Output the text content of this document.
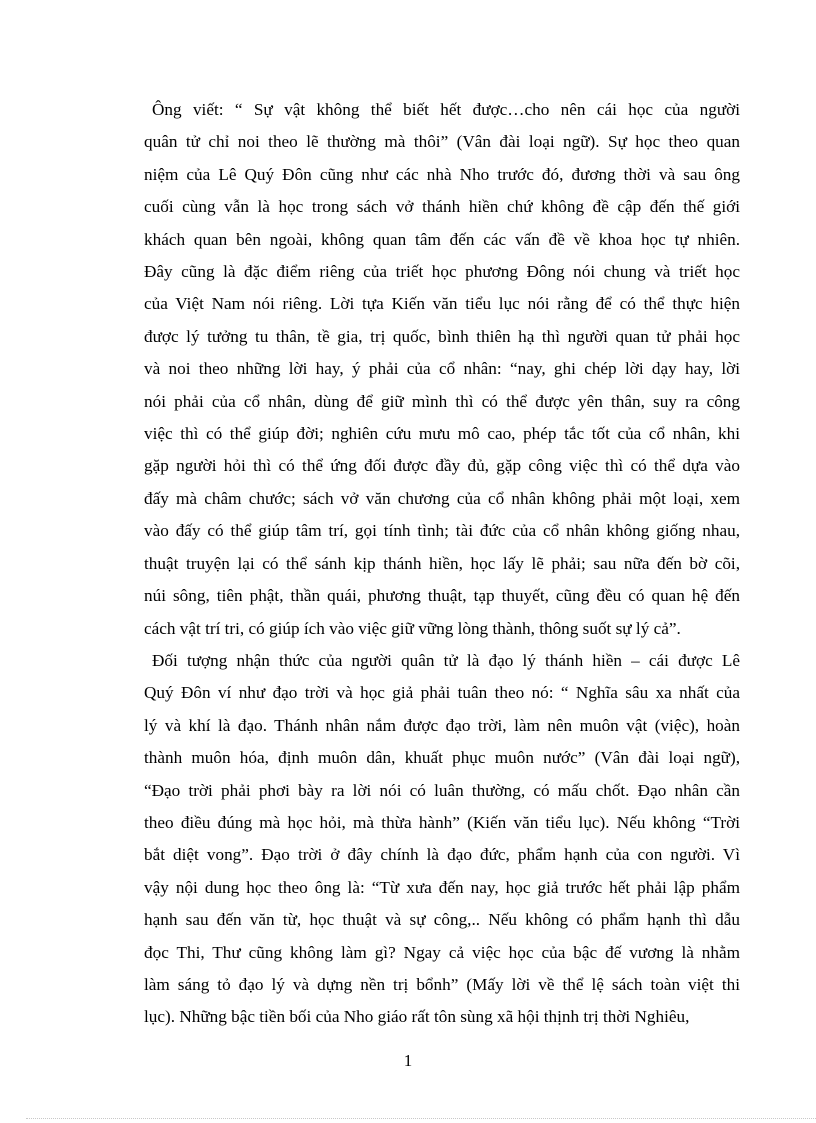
Ông viết: “ Sự vật không thể biết hết được…cho nên cái học của người
quân tử chỉ noi theo lẽ thường mà thôi” (Vân đài loại ngữ). Sự học theo quan
niệm của Lê Quý Đôn cũng như các nhà Nho trước đó, đương thời và sau ông
cuối cùng vẫn là học trong sách vở thánh hiền chứ không đề cập đến thế giới
khách quan bên ngoài, không quan tâm đến các vấn đề về khoa học tự nhiên.
Đây cũng là đặc điểm riêng của triết học phương Đông nói chung và triết học
của Việt Nam nói riêng. Lời tựa Kiến văn tiểu lục nói rằng để có thể thực hiện
được lý tưởng tu thân, tề gia, trị quốc, bình thiên hạ thì người quan tử phải học
và noi theo những lời hay, ý phải của cổ nhân: “nay, ghi chép lời dạy hay, lời
nói phải của cổ nhân, dùng để giữ mình thì có thể được yên thân, suy ra công
việc thì có thể giúp đời; nghiên cứu mưu mô cao, phép tắc tốt của cổ nhân, khi
gặp người hỏi thì có thể ứng đối được đầy đủ, gặp công việc thì có thể dựa vào
đấy mà châm chước; sách vở văn chương của cổ nhân không phải một loại, xem
vào đấy có thể giúp tâm trí, gọi tính tình; tài đức của cổ nhân không giống nhau,
thuật truyện lại có thể sánh kịp thánh hiền, học lấy lẽ phải; sau nữa đến bờ cõi,
núi sông, tiên phật, thần quái, phương thuật, tạp thuyết, cũng đều có quan hệ đến
cách vật trí tri, có giúp ích vào việc giữ vững lòng thành, thông suốt sự lý cả”.

Đối tượng nhận thức của người quân tử là đạo lý thánh hiền – cái được Lê
Quý Đôn ví như đạo trời và học giả phải tuân theo nó: “ Nghĩa sâu xa nhất của
lý và khí là đạo. Thánh nhân nắm được đạo trời, làm nên muôn vật (việc), hoàn
thành muôn hóa, định muôn dân, khuất phục muôn nước” (Vân đài loại ngữ),
“Đạo trời phải phơi bày ra lời nói có luân thường, có mấu chốt. Đạo nhân cần
theo điều đúng mà học hỏi, mà thừa hành” (Kiến văn tiểu lục). Nếu không “Trời
bắt diệt vong”. Đạo trời ở đây chính là đạo đức, phẩm hạnh của con người. Vì
vậy nội dung học theo ông là: “Từ xưa đến nay, học giả trước hết phải lập phẩm
hạnh sau đến văn từ, học thuật và sự công,.. Nếu không có phẩm hạnh thì dẫu
đọc Thi, Thư cũng không làm gì? Ngay cả việc học của bậc đế vương là nhằm
làm sáng tỏ đạo lý và dựng nền trị bổnh” (Mấy lời về thể lệ sách toàn việt thi
lục). Những bậc tiền bối của Nho giáo rất tôn sùng xã hội thịnh trị thời Nghiêu,

1
